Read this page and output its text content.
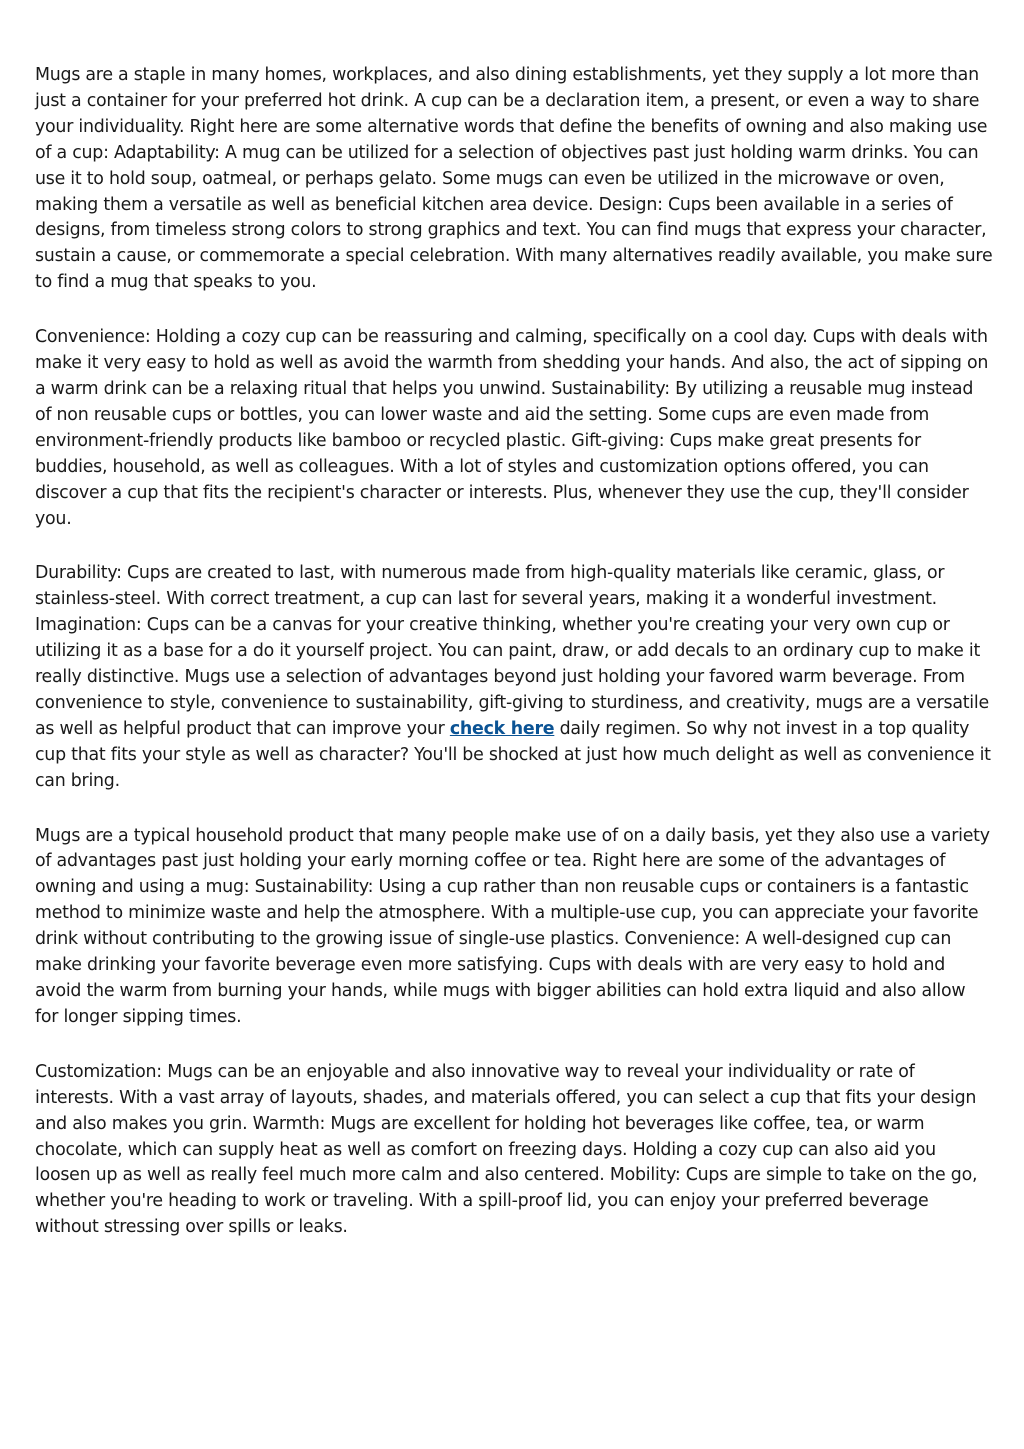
Mugs are a staple in many homes, workplaces, and also dining establishments, yet they supply a lot more than just a container for your preferred hot drink. A cup can be a declaration item, a present, or even a way to share your individuality. Right here are some alternative words that define the benefits of owning and also making use of a cup: Adaptability: A mug can be utilized for a selection of objectives past just holding warm drinks. You can use it to hold soup, oatmeal, or perhaps gelato. Some mugs can even be utilized in the microwave or oven, making them a versatile as well as beneficial kitchen area device. Design: Cups been available in a series of designs, from timeless strong colors to strong graphics and text. You can find mugs that express your character, sustain a cause, or commemorate a special celebration. With many alternatives readily available, you make sure to find a mug that speaks to you.

Convenience: Holding a cozy cup can be reassuring and calming, specifically on a cool day. Cups with deals with make it very easy to hold as well as avoid the warmth from shedding your hands. And also, the act of sipping on a warm drink can be a relaxing ritual that helps you unwind. Sustainability: By utilizing a reusable mug instead of non reusable cups or bottles, you can lower waste and aid the setting. Some cups are even made from environment-friendly products like bamboo or recycled plastic. Gift-giving: Cups make great presents for buddies, household, as well as colleagues. With a lot of styles and customization options offered, you can discover a cup that fits the recipient's character or interests. Plus, whenever they use the cup, they'll consider you.

Durability: Cups are created to last, with numerous made from high-quality materials like ceramic, glass, or stainless-steel. With correct treatment, a cup can last for several years, making it a wonderful investment. Imagination: Cups can be a canvas for your creative thinking, whether you're creating your very own cup or utilizing it as a base for a do it yourself project. You can paint, draw, or add decals to an ordinary cup to make it really distinctive. Mugs use a selection of advantages beyond just holding your favored warm beverage. From convenience to style, convenience to sustainability, gift-giving to sturdiness, and creativity, mugs are a versatile as well as helpful product that can improve your check here daily regimen. So why not invest in a top quality cup that fits your style as well as character? You'll be shocked at just how much delight as well as convenience it can bring.

Mugs are a typical household product that many people make use of on a daily basis, yet they also use a variety of advantages past just holding your early morning coffee or tea. Right here are some of the advantages of owning and using a mug: Sustainability: Using a cup rather than non reusable cups or containers is a fantastic method to minimize waste and help the atmosphere. With a multiple-use cup, you can appreciate your favorite drink without contributing to the growing issue of single-use plastics. Convenience: A well-designed cup can make drinking your favorite beverage even more satisfying. Cups with deals with are very easy to hold and avoid the warm from burning your hands, while mugs with bigger abilities can hold extra liquid and also allow for longer sipping times.

Customization: Mugs can be an enjoyable and also innovative way to reveal your individuality or rate of interests. With a vast array of layouts, shades, and materials offered, you can select a cup that fits your design and also makes you grin. Warmth: Mugs are excellent for holding hot beverages like coffee, tea, or warm chocolate, which can supply heat as well as comfort on freezing days. Holding a cozy cup can also aid you loosen up as well as really feel much more calm and also centered. Mobility: Cups are simple to take on the go, whether you're heading to work or traveling. With a spill-proof lid, you can enjoy your preferred beverage without stressing over spills or leaks.
